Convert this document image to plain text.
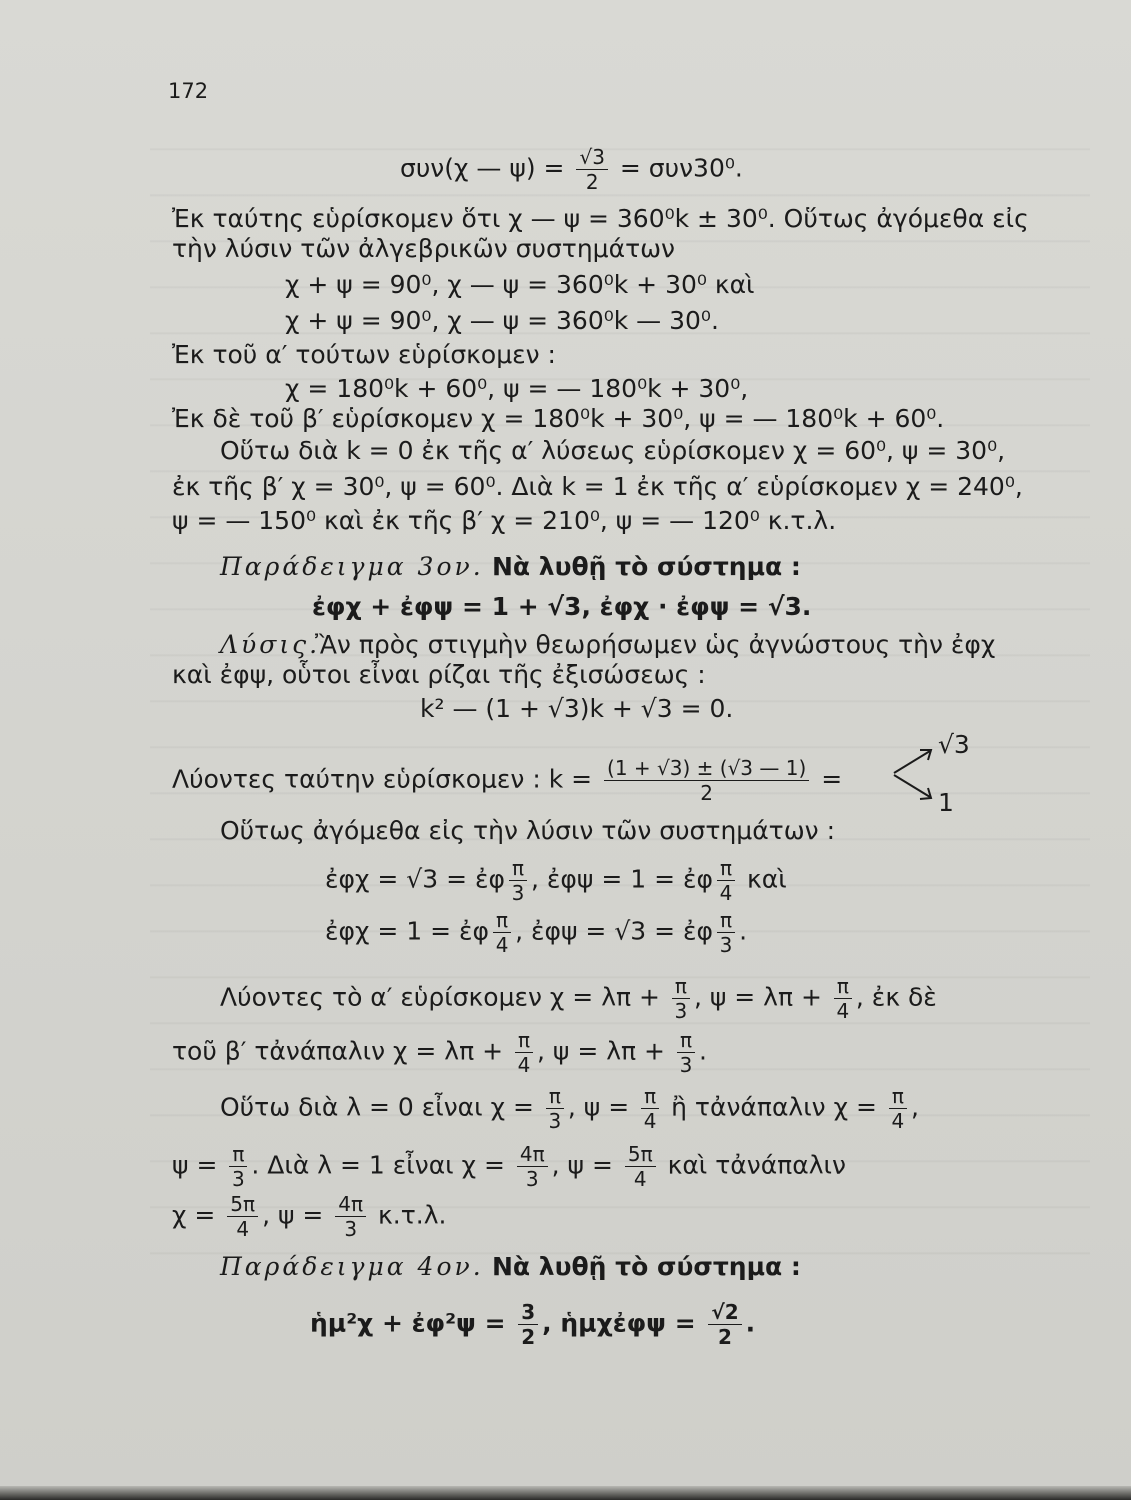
172
συν(χ — $\psi) = \frac{√3}{2} = \sigma\upsilon\nu 30^0$.
Ἐκ ταύτης εὑρίσκομεν ὅτι χ — ψ = 360⁰k ± 30⁰. Οὕτως ἀγόμεθα εἰς
τὴν λύσιν τῶν ἀλγεβρικῶν συστημάτων
χ + ψ = 90⁰, χ — ψ = 360⁰k + 30⁰ καὶ
χ + ψ = 90⁰, χ — ψ = 360⁰k — 30⁰.
Ἐκ τοῦ α′ τούτων εὑρίσκομεν :
χ = 180⁰k + 60⁰, ψ = — 180⁰k + 30⁰,
Ἐκ δὲ τοῦ β′ εὑρίσκομεν χ = 180⁰k + 30⁰, ψ = — 180⁰k + 60⁰.
Οὕτω διὰ k = 0 ἐκ τῆς α′ λύσεως εὑρίσκομεν χ = 60⁰, ψ = 30⁰,
ἐκ τῆς β′ χ = 30⁰, ψ = 60⁰. Διὰ k = 1 ἐκ τῆς α′ εὑρίσκομεν χ = 240⁰,
ψ = — 150⁰ καὶ ἐκ τῆς β′ χ = 210⁰, ψ = — 120⁰ κ.τ.λ.
Παράδειγμα 3ον. Νὰ λυθῇ τὸ σύστημα :
ἐφχ + ἐφψ = 1 + √3, ἐφχ · ἐφψ = √3.
Λύσις.
Ἂν πρὸς στιγμὴν θεωρήσωμεν ὡς ἀγνώστους τὴν ἐφχ
καὶ ἐφψ, οὗτοι εἶναι ρίζαι τῆς ἐξισώσεως :
k² — (1 + √3)k + √3 = 0.
Λύοντες ταύτην εὑρίσκομεν : $k = \frac{(1 + √3) \pm (√3 — 1)}{2}$ =
√3
1
Οὕτως ἀγόμεθα εἰς τὴν λύσιν τῶν συστημάτων :
ἐφχ = √3 = ἐφ $\frac{\pi}{3}$ , ἐφψ = 1 = ἐφ $\frac{\pi}{4}$ καὶ
ἐφχ = 1 = ἐφ $\frac{\pi}{4}$ , ἐφψ = √3 = ἐφ $\frac{\pi}{3}$ .
Λύοντες τὸ α′ εὑρίσκομεν $\chi = \lambda\pi + \frac{\pi}{3}$ , $\psi = \lambda\pi + \frac{\pi}{4}$ , ἐκ δὲ
τοῦ β′ τἀνάπαλιν $\chi = \lambda\pi + \frac{\pi}{4}$ , $\psi = \lambda\pi + \frac{\pi}{3}$ .
Οὕτω διὰ λ = 0 εἶναι $\chi = \frac{\pi}{3}$ , $\psi = \frac{\pi}{4}$ ἢ τἀνάπαλιν $\chi = \frac{\pi}{4}$ ,
$\psi = \frac{\pi}{3}$ . Διὰ λ = 1 εἶναι $\chi = \frac{4\pi}{3}$ , $\psi = \frac{5\pi}{4}$ καὶ τἀνάπαλιν
$\chi = \frac{5\pi}{4}$ , $\psi = \frac{4\pi}{3} \kappa.\tau.\lambda$.
Παράδειγμα 4ον. Νὰ λυθῇ τὸ σύστημα :
ἡμ²χ + ἐφ²ψ = $\frac{3}{2}$ , ἡμχἐφψ = $\frac{√2}{2}$ .
